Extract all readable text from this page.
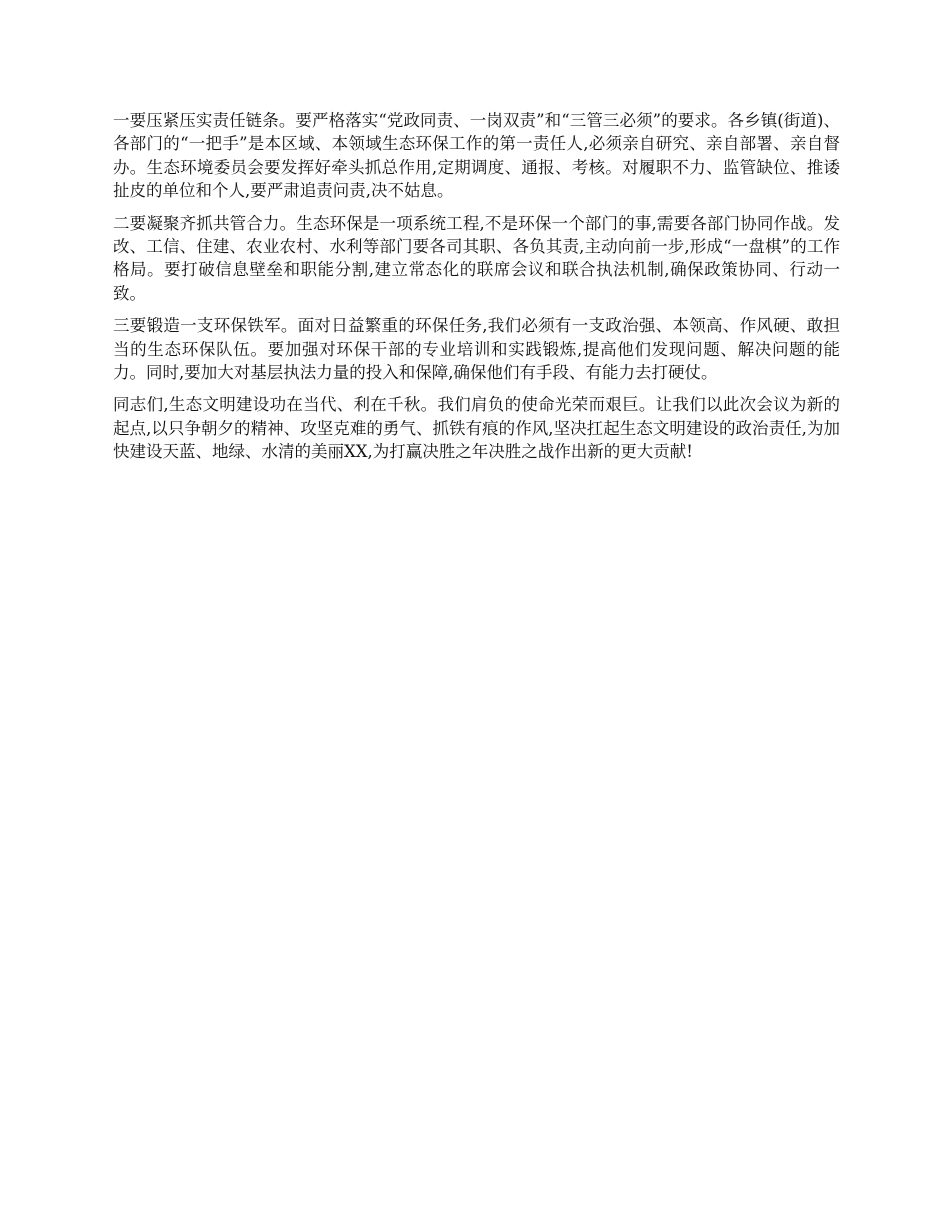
一要压紧压实责任链条。要严格落实“党政同责、一岗双责”和“三管三必须”的要求。各乡镇(街道)、各部门的“一把手”是本区域、本领域生态环保工作的第一责任人,必须亲自研究、亲自部署、亲自督办。生态环境委员会要发挥好牵头抓总作用,定期调度、通报、考核。对履职不力、监管缺位、推诿扯皮的单位和个人,要严肃追责问责,决不姑息。

二要凝聚齐抓共管合力。生态环保是一项系统工程,不是环保一个部门的事,需要各部门协同作战。发改、工信、住建、农业农村、水利等部门要各司其职、各负其责,主动向前一步,形成“一盘棋”的工作格局。要打破信息壁垒和职能分割,建立常态化的联席会议和联合执法机制,确保政策协同、行动一致。

三要锻造一支环保铁军。面对日益繁重的环保任务,我们必须有一支政治强、本领高、作风硬、敢担当的生态环保队伍。要加强对环保干部的专业培训和实践锻炼,提高他们发现问题、解决问题的能力。同时,要加大对基层执法力量的投入和保障,确保他们有手段、有能力去打硬仗。

同志们,生态文明建设功在当代、利在千秋。我们肩负的使命光荣而艰巨。让我们以此次会议为新的起点,以只争朝夕的精神、攻坚克难的勇气、抓铁有痕的作风,坚决扛起生态文明建设的政治责任,为加快建设天蓝、地绿、水清的美丽XX,为打赢决胜之年决胜之战作出新的更大贡献!
